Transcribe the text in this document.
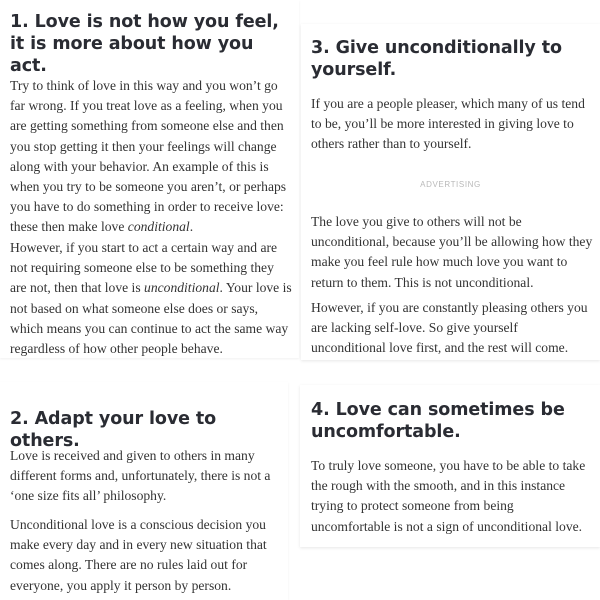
1. Love is not how you feel, it is more about how you act.

Try to think of love in this way and you won’t go far wrong. If you treat love as a feeling, when you are getting something from someone else and then you stop getting it then your feelings will change along with your behavior. An example of this is when you try to be someone you aren’t, or perhaps you have to do something in order to receive love: these then make love conditional.

However, if you start to act a certain way and are not requiring someone else to be something they are not, then that love is unconditional. Your love is not based on what someone else does or says, which means you can continue to act the same way regardless of how other people behave.

3. Give unconditionally to yourself.

If you are a people pleaser, which many of us tend to be, you’ll be more interested in giving love to others rather than to yourself.

ADVERTISING

The love you give to others will not be unconditional, because you’ll be allowing how they make you feel rule how much love you want to return to them. This is not unconditional.

However, if you are constantly pleasing others you are lacking self-love. So give yourself unconditional love first, and the rest will come.

2. Adapt your love to others.

Love is received and given to others in many different forms and, unfortunately, there is not a ‘one size fits all’ philosophy.

Unconditional love is a conscious decision you make every day and in every new situation that comes along. There are no rules laid out for everyone, you apply it person by person.

4. Love can sometimes be uncomfortable.

To truly love someone, you have to be able to take the rough with the smooth, and in this instance trying to protect someone from being uncomfortable is not a sign of unconditional love.
